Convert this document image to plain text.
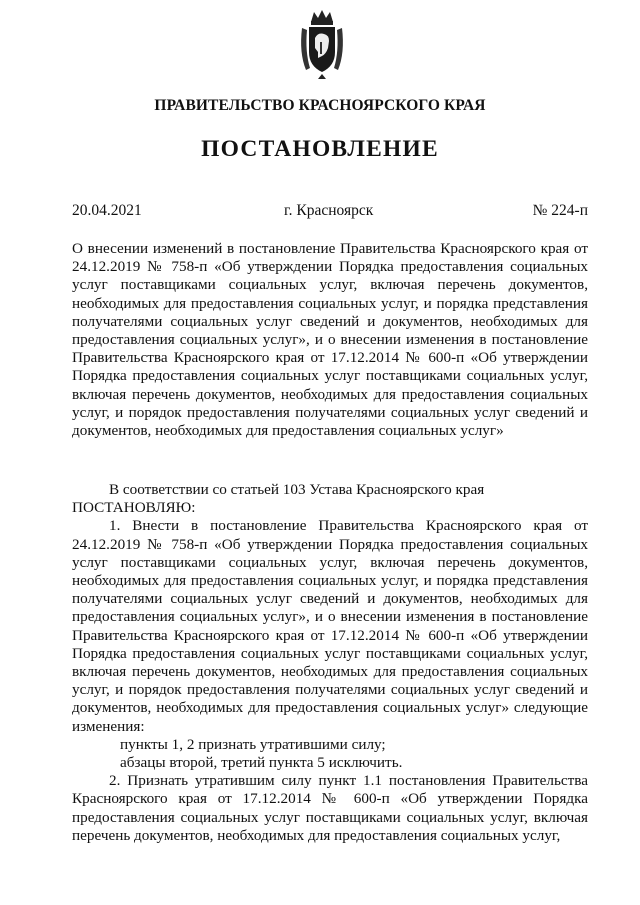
ПРАВИТЕЛЬСТВО КРАСНОЯРСКОГО КРАЯ
ПОСТАНОВЛЕНИЕ
20.04.2021	г. Красноярск	№ 224-п
О внесении изменений в постановление Правительства Красноярского края от 24.12.2019 № 758-п «Об утверждении Порядка предоставления социальных услуг поставщиками социальных услуг, включая перечень документов, необходимых для предоставления социальных услуг, и порядка представления получателями социальных услуг сведений и документов, необходимых для предоставления социальных услуг», и о внесении изменения в постановление Правительства Красноярского края от 17.12.2014 № 600-п «Об утверждении Порядка предоставления социальных услуг поставщиками социальных услуг, включая перечень документов, необходимых для предоставления социальных услуг, и порядок предоставления получателями социальных услуг сведений и документов, необходимых для предоставления социальных услуг»

В соответствии со статьей 103 Устава Красноярского края

ПОСТАНОВЛЯЮ:

1. Внести в постановление Правительства Красноярского края от 24.12.2019 № 758-п «Об утверждении Порядка предоставления социальных услуг поставщиками социальных услуг, включая перечень документов, необходимых для предоставления социальных услуг, и порядка представления получателями социальных услуг сведений и документов, необходимых для предоставления социальных услуг», и о внесении изменения в постановление Правительства Красноярского края от 17.12.2014 № 600-п «Об утверждении Порядка предоставления социальных услуг поставщиками социальных услуг, включая перечень документов, необходимых для предоставления социальных услуг, и порядок предоставления получателями социальных услуг сведений и документов, необходимых для предоставления социальных услуг» следующие изменения:

пункты 1, 2 признать утратившими силу;

абзацы второй, третий пункта 5 исключить.

2. Признать утратившим силу пункт 1.1 постановления Правительства Красноярского края от 17.12.2014 № 600-п «Об утверждении Порядка предоставления социальных услуг поставщиками социальных услуг, включая перечень документов, необходимых для предоставления социальных услуг,
